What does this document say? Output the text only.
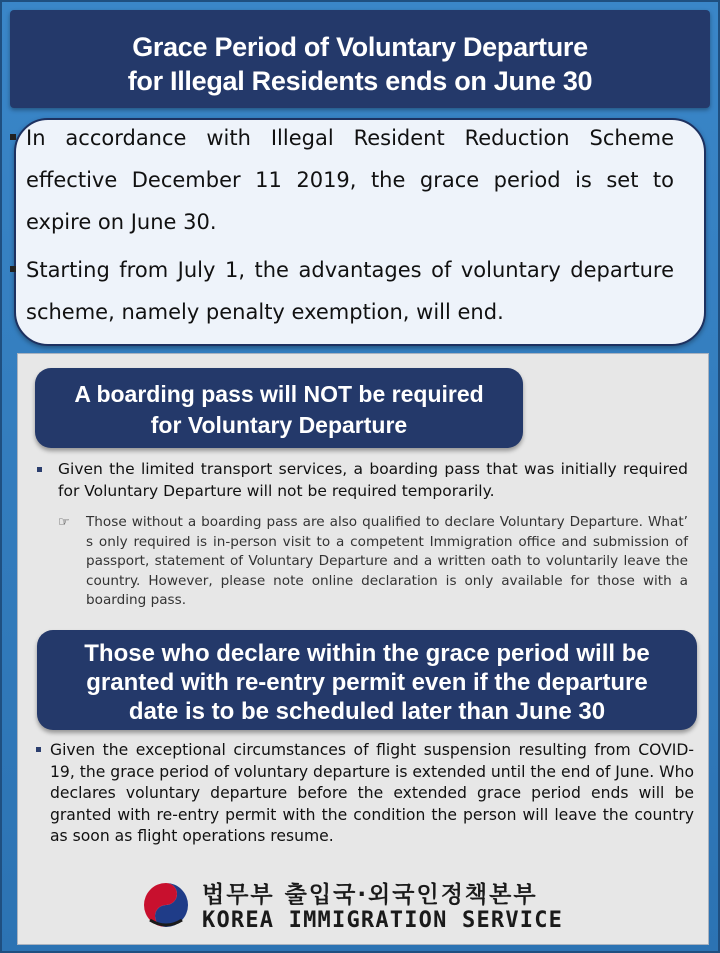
Grace Period of Voluntary Departure
for Illegal Residents ends on June 30
In accordance with Illegal Resident Reduction Scheme effective December 11 2019, the grace period is set to expire on June 30.
Starting from July 1, the advantages of voluntary departure scheme, namely penalty exemption, will end.
A boarding pass will NOT be required
for Voluntary Departure
Given the limited transport services, a boarding pass that was initially required for Voluntary Departure will not be required temporarily.
☞ Those without a boarding pass are also qualified to declare Voluntary Departure. What’ s only required is in-person visit to a competent Immigration office and submission of passport, statement of Voluntary Departure and a written oath to voluntarily leave the country. However, please note online declaration is only available for those with a boarding pass.
Those who declare within the grace period will be
granted with re-entry permit even if the departure
date is to be scheduled later than June 30
Given the exceptional circumstances of flight suspension resulting from COVID-19, the grace period of voluntary departure is extended until the end of June. Who declares voluntary departure before the extended grace period ends will be granted with re-entry permit with the condition the person will leave the country as soon as flight operations resume.
법무부 출입국·외국인정책본부
KOREA IMMIGRATION SERVICE
